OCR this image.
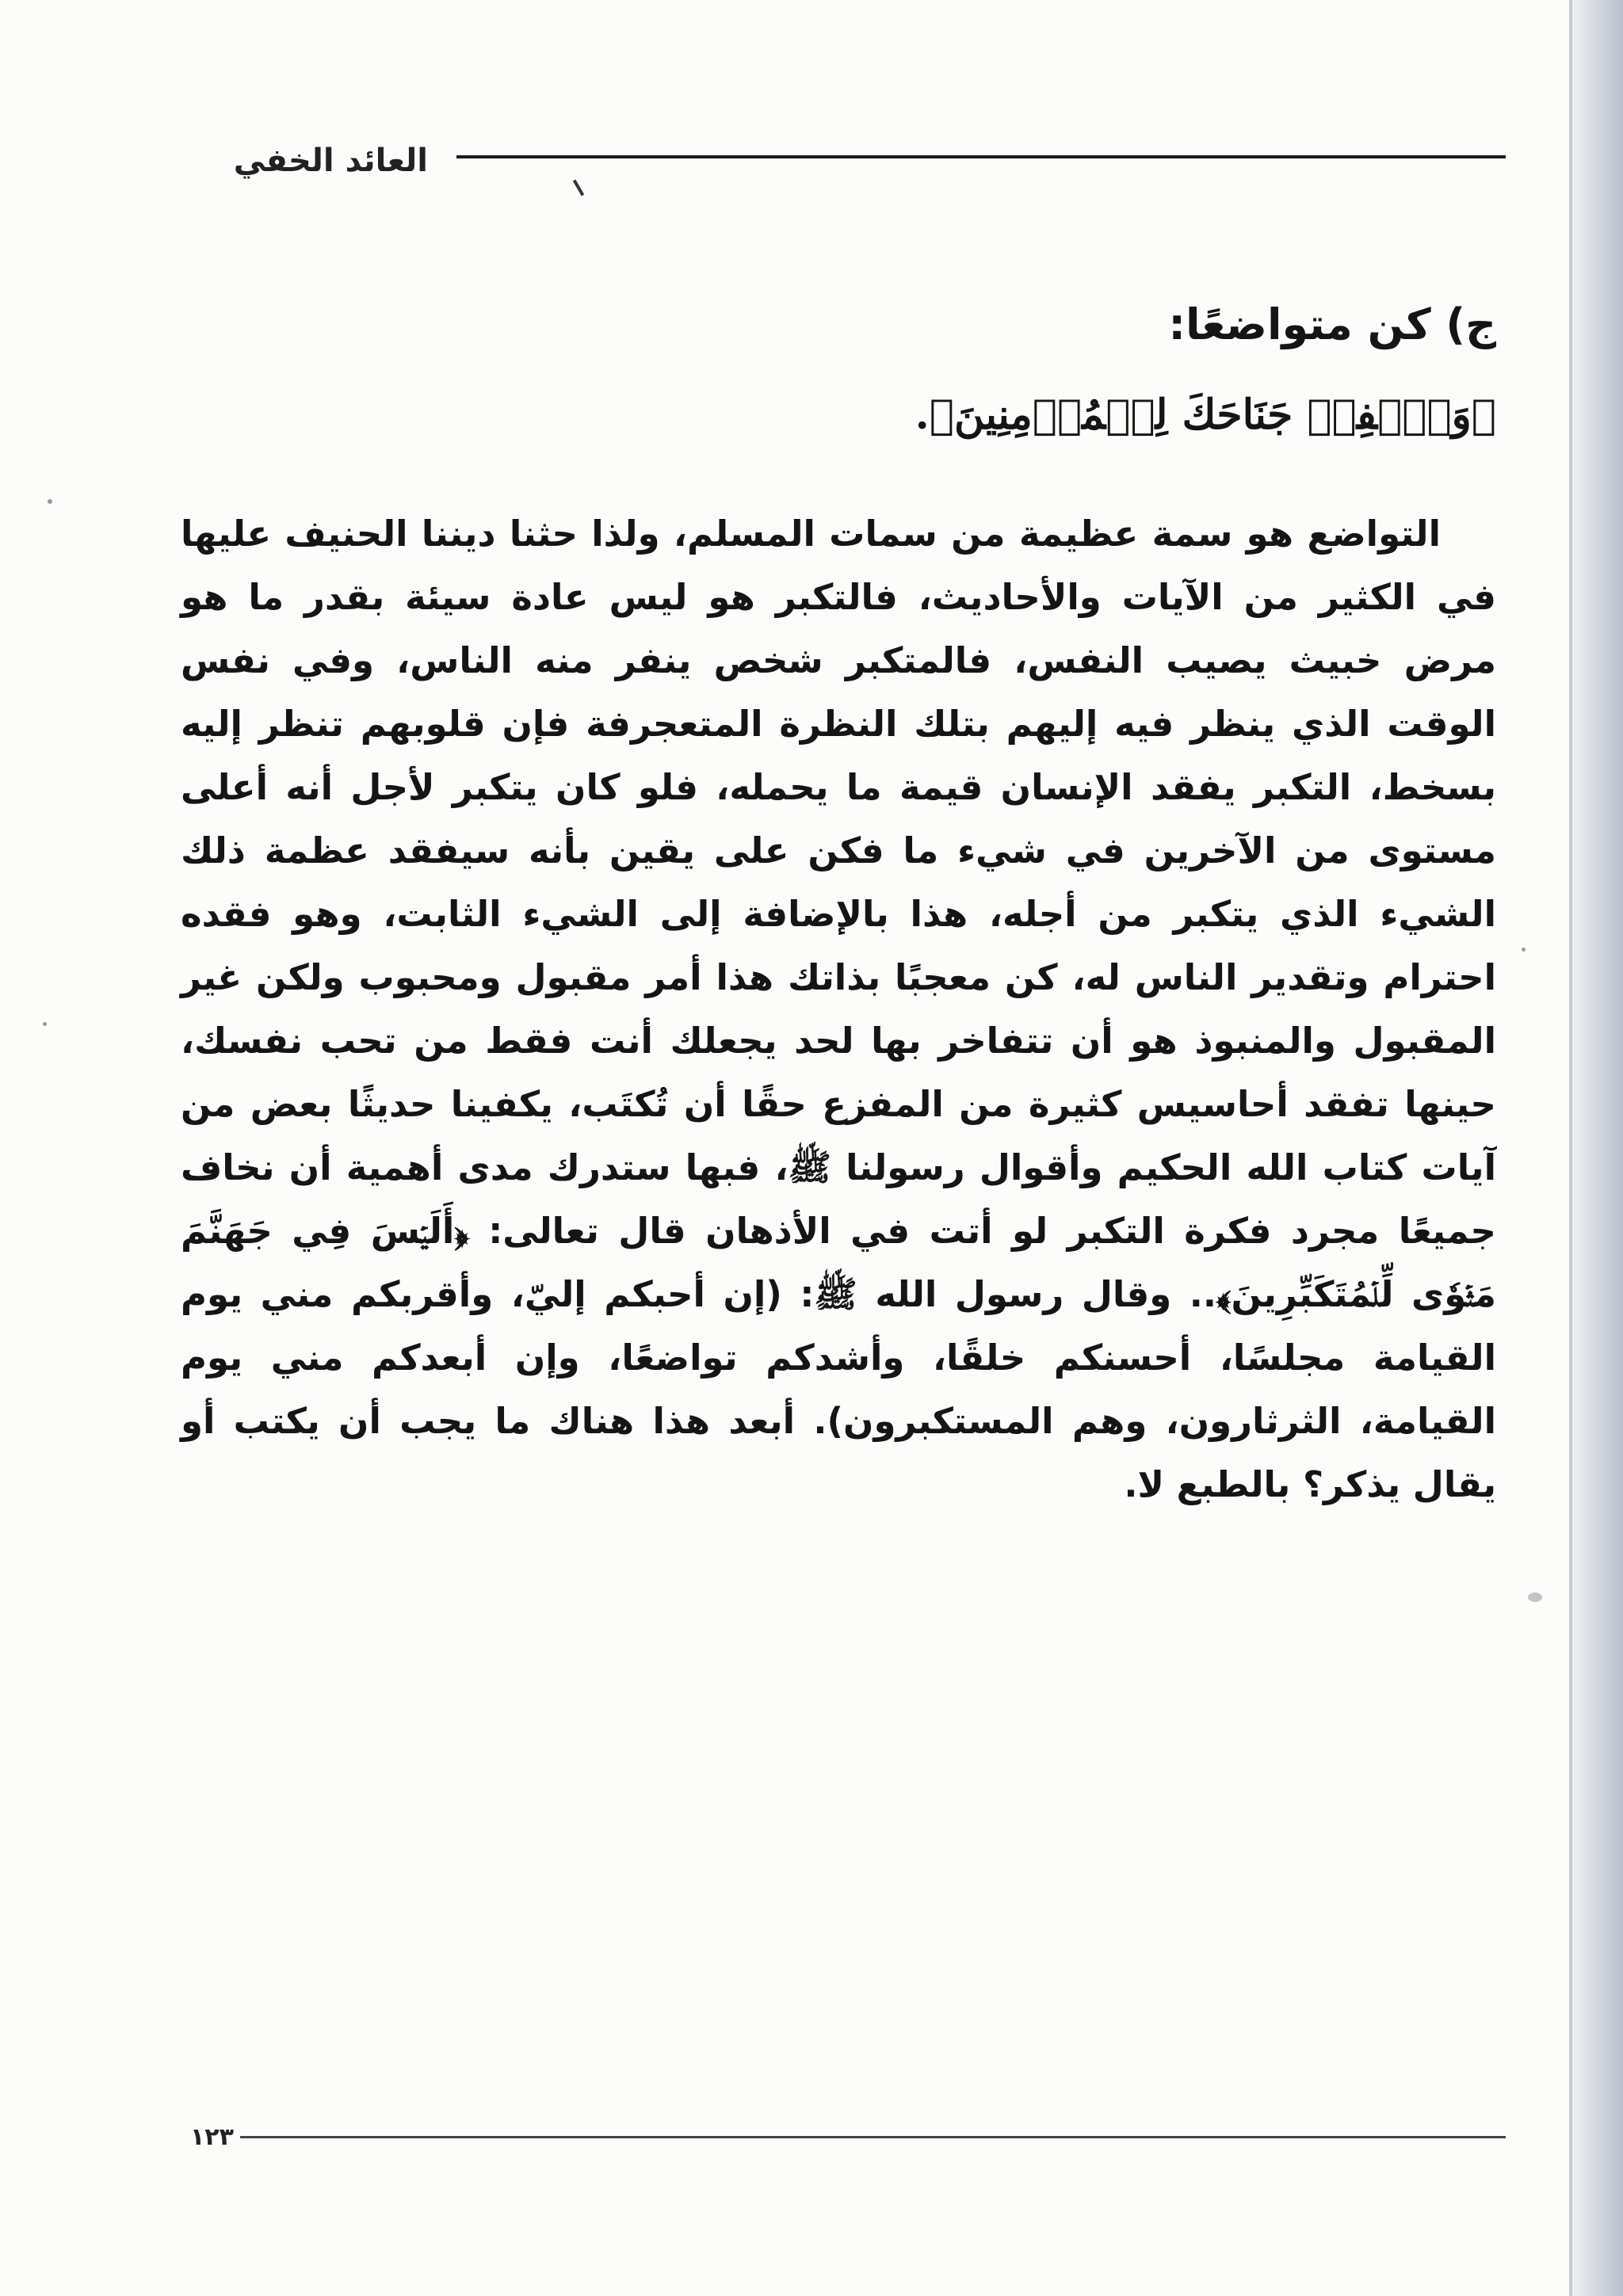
العائد الخفي

ج) كن متواضعًا:

﴿وَٱخۡفِضۡ جَنَاحَكَ لِلۡمُؤۡمِنِينَ﴾.

التواضع هو سمة عظيمة من سمات المسلم، ولذا حثنا ديننا الحنيف عليها في الكثير من الآيات والأحاديث، فالتكبر هو ليس عادة سيئة بقدر ما هو مرض خبيث يصيب النفس، فالمتكبر شخص ينفر منه الناس، وفي نفس الوقت الذي ينظر فيه إليهم بتلك النظرة المتعجرفة فإن قلوبهم تنظر إليه بسخط، التكبر يفقد الإنسان قيمة ما يحمله، فلو كان يتكبر لأجل أنه أعلى مستوى من الآخرين في شيء ما فكن على يقين بأنه سيفقد عظمة ذلك الشيء الذي يتكبر من أجله، هذا بالإضافة إلى الشيء الثابت، وهو فقده احترام وتقدير الناس له، كن معجبًا بذاتك هذا أمر مقبول ومحبوب ولكن غير المقبول والمنبوذ هو أن تتفاخر بها لحد يجعلك أنت فقط من تحب نفسك، حينها تفقد أحاسيس كثيرة من المفزع حقًا أن تُكتَب، يكفينا حديثًا بعض من آيات كتاب الله الحكيم وأقوال رسولنا ﷺ، فبها ستدرك مدى أهمية أن نخاف جميعًا مجرد فكرة التكبر لو أتت في الأذهان قال تعالى: ﴿أَلَيۡسَ فِي جَهَنَّمَ مَثۡوٗى لِّلۡمُتَكَبِّرِينَ﴾.. وقال رسول الله ﷺ: (إن أحبكم إليّ، وأقربكم مني يوم القيامة مجلسًا، أحسنكم خلقًا، وأشدكم تواضعًا، وإن أبعدكم مني يوم القيامة، الثرثارون، وهم المستكبرون). أبعد هذا هناك ما يجب أن يكتب أو يقال يذكر؟ بالطبع لا.

١٢٣
